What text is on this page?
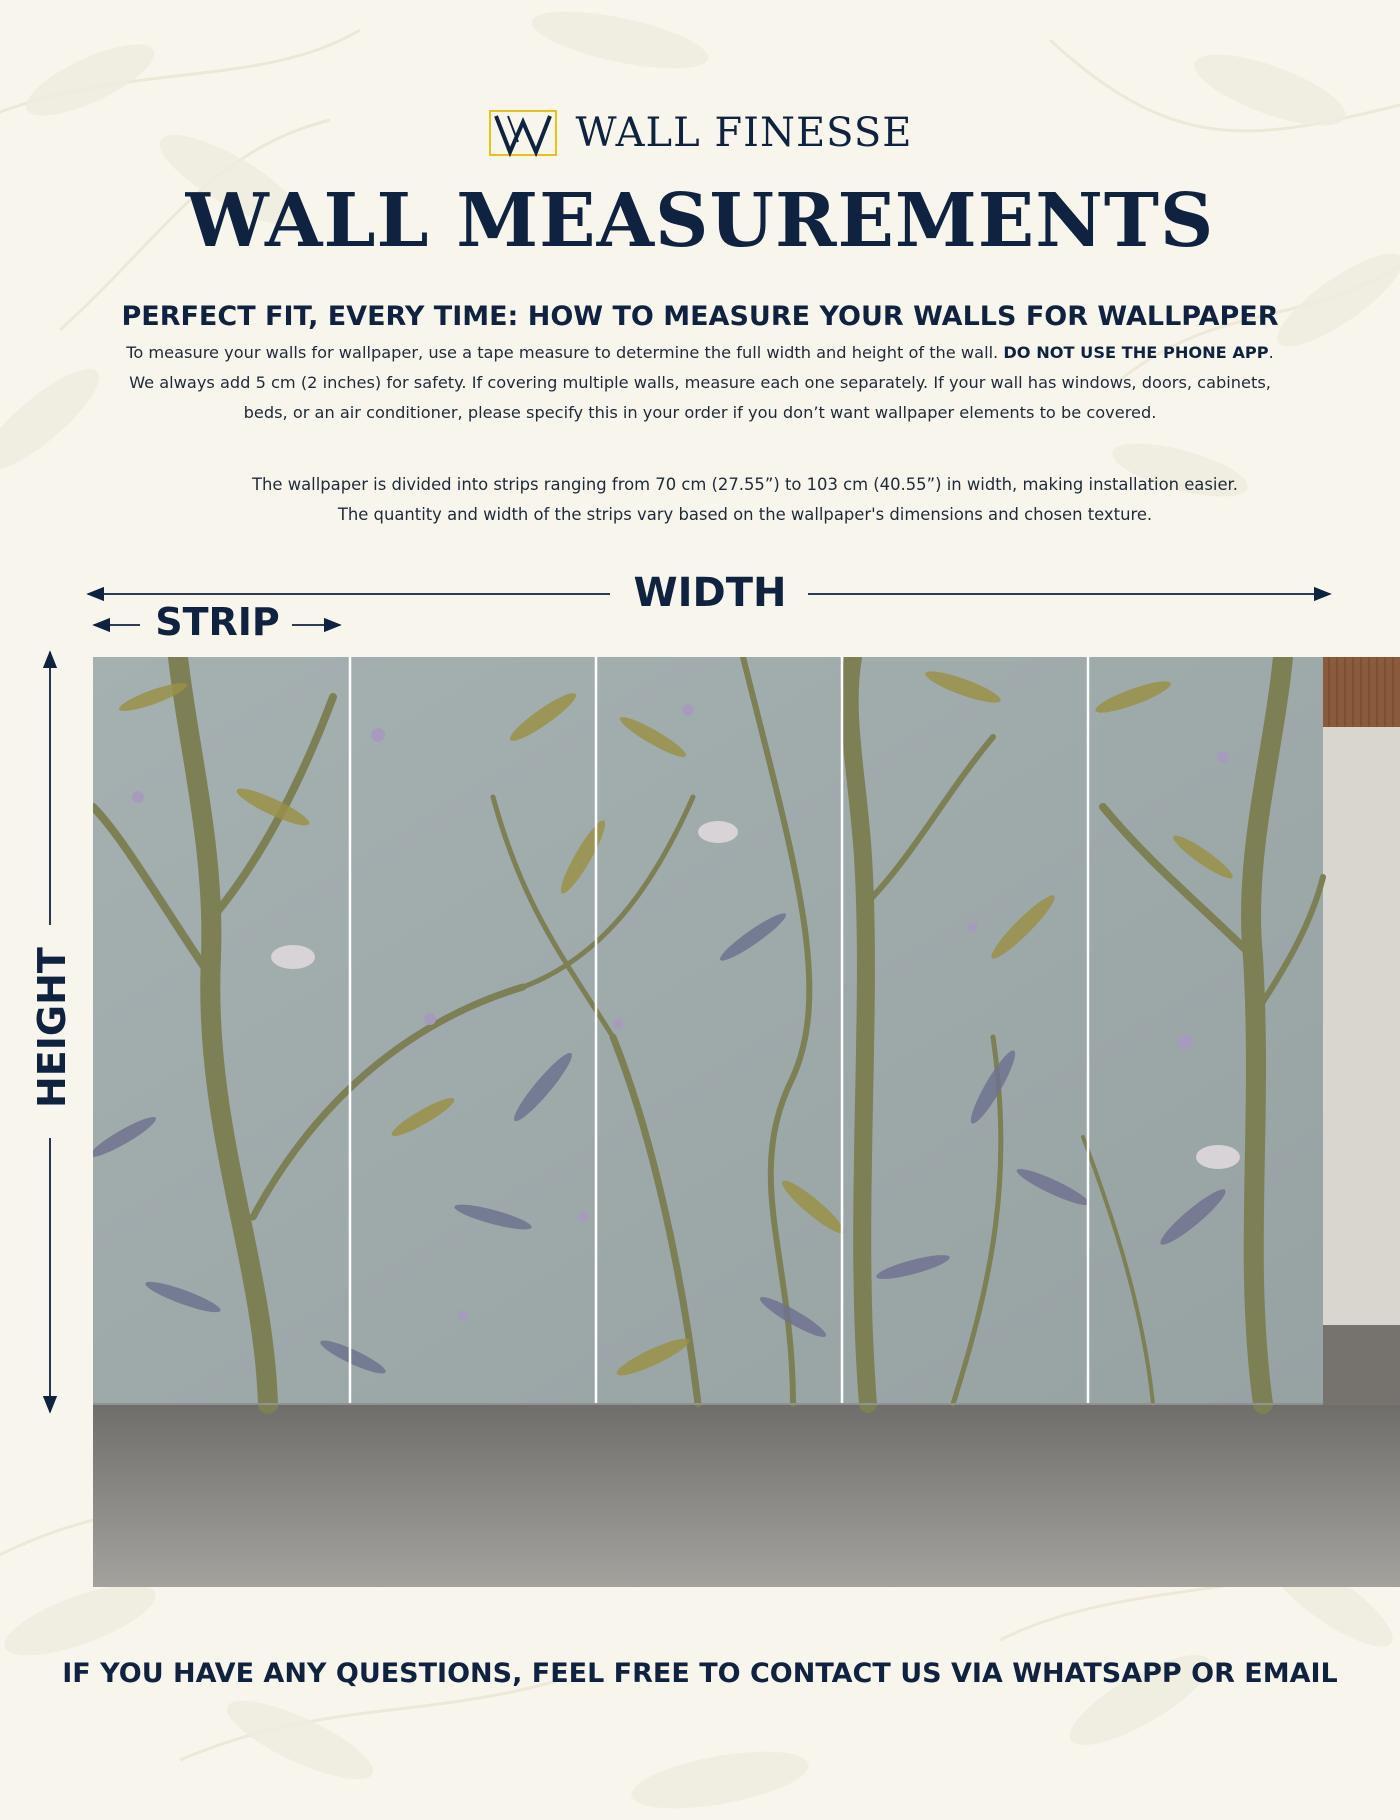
WALL FINESSE
WALL MEASUREMENTS
PERFECT FIT, EVERY TIME: HOW TO MEASURE YOUR WALLS FOR WALLPAPER
To measure your walls for wallpaper, use a tape measure to determine the full width and height of the wall. DO NOT USE THE PHONE APP.
We always add 5 cm (2 inches) for safety. If covering multiple walls, measure each one separately. If your wall has windows, doors, cabinets,
beds, or an air conditioner, please specify this in your order if you don’t want wallpaper elements to be covered.
The wallpaper is divided into strips ranging from 70 cm (27.55”) to 103 cm (40.55”) in width, making installation easier.
The quantity and width of the strips vary based on the wallpaper's dimensions and chosen texture.
WIDTH
STRIP
HEIGHT
IF YOU HAVE ANY QUESTIONS, FEEL FREE TO CONTACT US VIA WHATSAPP OR EMAIL
